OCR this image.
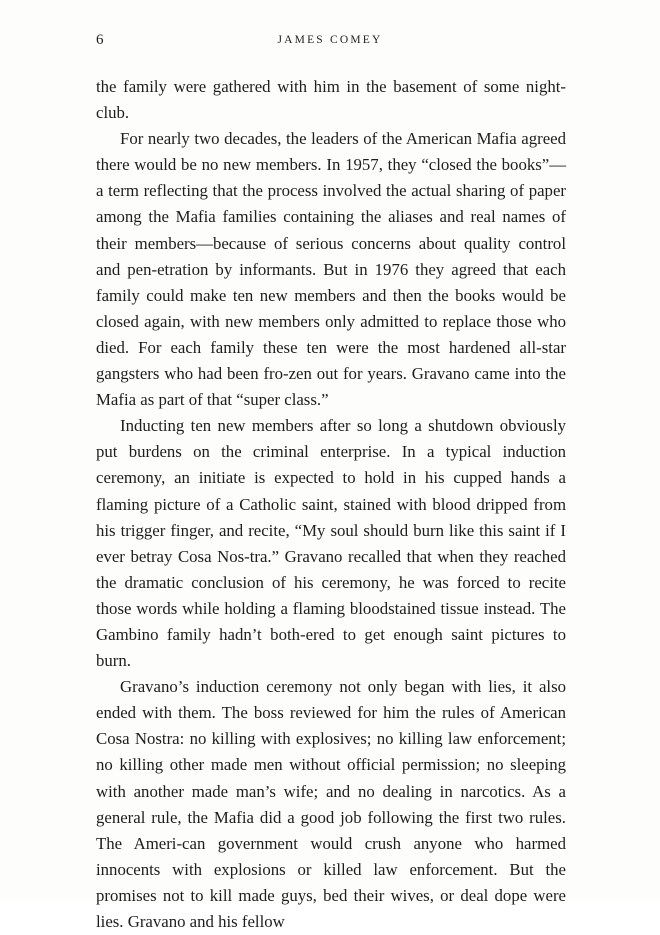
6	JAMES COMEY

the family were gathered with him in the basement of some night-club.

For nearly two decades, the leaders of the American Mafia agreed there would be no new members. In 1957, they “closed the books”—a term reflecting that the process involved the actual sharing of paper among the Mafia families containing the aliases and real names of their members—because of serious concerns about quality control and pen-etration by informants. But in 1976 they agreed that each family could make ten new members and then the books would be closed again, with new members only admitted to replace those who died. For each family these ten were the most hardened all-star gangsters who had been fro-zen out for years. Gravano came into the Mafia as part of that “super class.”

Inducting ten new members after so long a shutdown obviously put burdens on the criminal enterprise. In a typical induction ceremony, an initiate is expected to hold in his cupped hands a flaming picture of a Catholic saint, stained with blood dripped from his trigger finger, and recite, “My soul should burn like this saint if I ever betray Cosa Nos-tra.” Gravano recalled that when they reached the dramatic conclusion of his ceremony, he was forced to recite those words while holding a flaming bloodstained tissue instead. The Gambino family hadn’t both-ered to get enough saint pictures to burn.

Gravano’s induction ceremony not only began with lies, it also ended with them. The boss reviewed for him the rules of American Cosa Nostra: no killing with explosives; no killing law enforcement; no killing other made men without official permission; no sleeping with another made man’s wife; and no dealing in narcotics. As a general rule, the Mafia did a good job following the first two rules. The Ameri-can government would crush anyone who harmed innocents with explosions or killed law enforcement. But the promises not to kill made guys, bed their wives, or deal dope were lies. Gravano and his fellow
